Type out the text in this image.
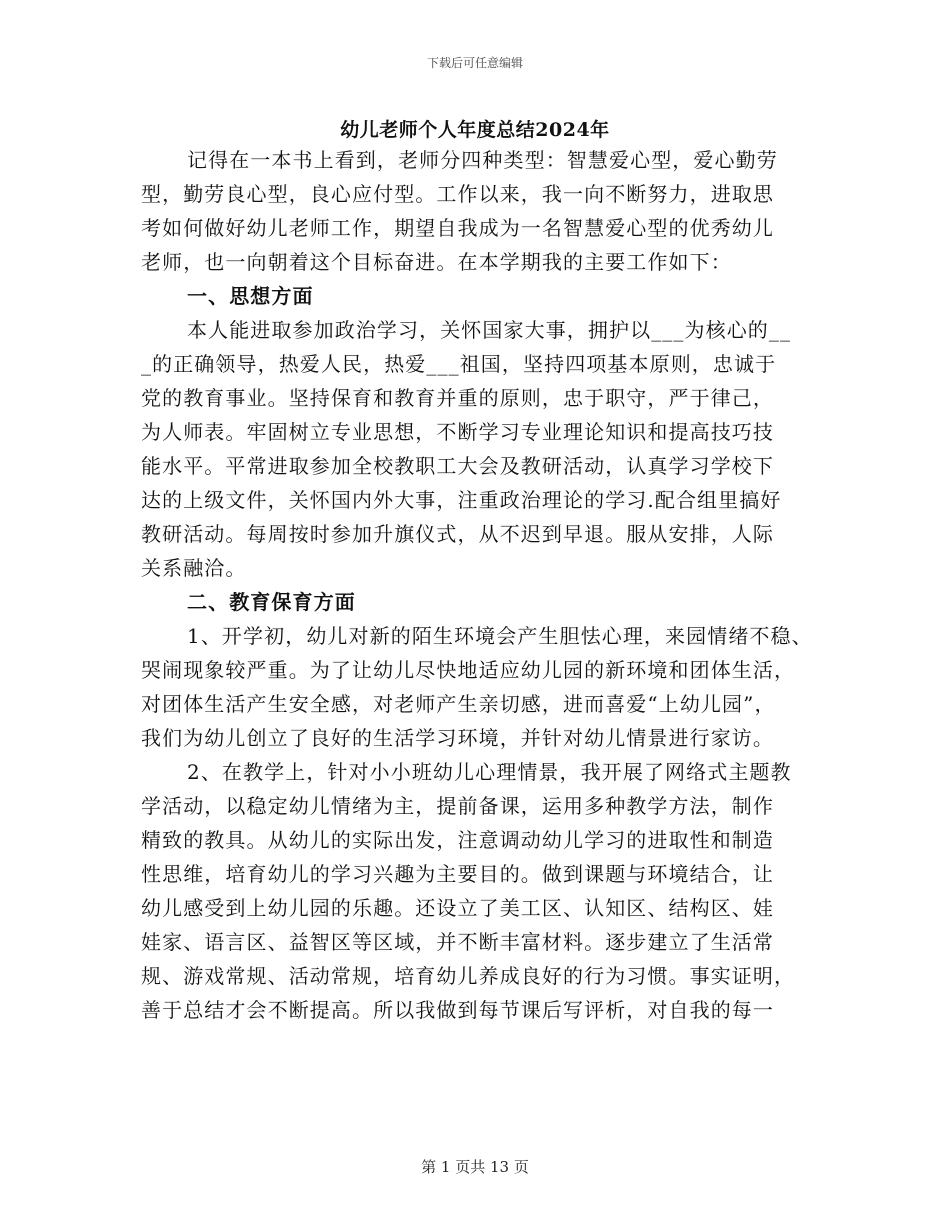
下载后可任意编辑
幼儿老师个人年度总结2024年
记得在一本书上看到，老师分四种类型：智慧爱心型，爱心勤劳
型，勤劳良心型，良心应付型。工作以来，我一向不断努力，进取思
考如何做好幼儿老师工作，期望自我成为一名智慧爱心型的优秀幼儿
老师，也一向朝着这个目标奋进。在本学期我的主要工作如下：
一、思想方面
本人能进取参加政治学习，关怀国家大事，拥护以___为核心的__
_的正确领导，热爱人民，热爱___祖国，坚持四项基本原则，忠诚于
党的教育事业。坚持保育和教育并重的原则，忠于职守，严于律己，
为人师表。牢固树立专业思想，不断学习专业理论知识和提高技巧技
能水平。平常进取参加全校教职工大会及教研活动，认真学习学校下
达的上级文件，关怀国内外大事，注重政治理论的学习.配合组里搞好
教研活动。每周按时参加升旗仪式，从不迟到早退。服从安排，人际
关系融洽。
二、教育保育方面
1、开学初，幼儿对新的陌生环境会产生胆怯心理，来园情绪不稳、
哭闹现象较严重。为了让幼儿尽快地适应幼儿园的新环境和团体生活，
对团体生活产生安全感，对老师产生亲切感，进而喜爱“上幼儿园”，
我们为幼儿创立了良好的生活学习环境，并针对幼儿情景进行家访。
2、在教学上，针对小小班幼儿心理情景，我开展了网络式主题教
学活动，以稳定幼儿情绪为主，提前备课，运用多种教学方法，制作
精致的教具。从幼儿的实际出发，注意调动幼儿学习的进取性和制造
性思维，培育幼儿的学习兴趣为主要目的。做到课题与环境结合，让
幼儿感受到上幼儿园的乐趣。还设立了美工区、认知区、结构区、娃
娃家、语言区、益智区等区域，并不断丰富材料。逐步建立了生活常
规、游戏常规、活动常规，培育幼儿养成良好的行为习惯。事实证明，
善于总结才会不断提高。所以我做到每节课后写评析，对自我的每一
第 1 页共 13 页
